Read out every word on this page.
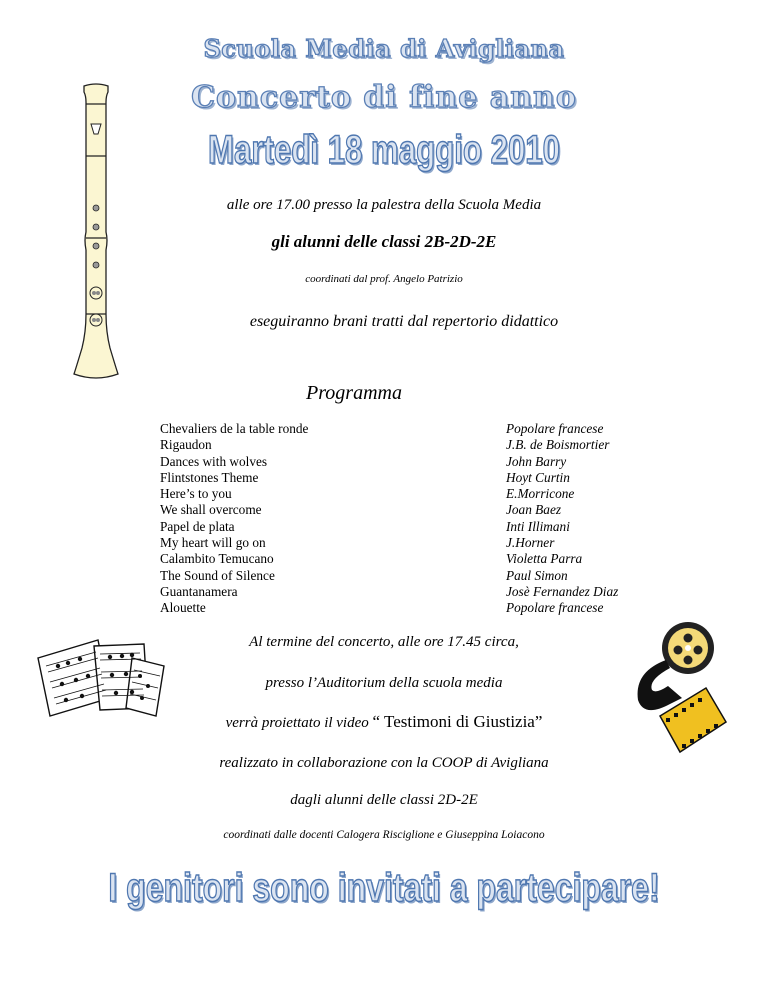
Scuola Media di Avigliana
Concerto di fine anno
Martedì 18 maggio 2010
alle ore 17.00 presso la palestra della Scuola Media
gli alunni delle classi 2B-2D-2E
coordinati dal prof. Angelo Patrizio
eseguiranno brani tratti dal repertorio didattico
Programma
Chevaliers de la table ronde
Rigaudon
Dances with wolves
Flintstones Theme
Here’s to you
We shall overcome
Papel de plata
My heart will go on
Calambito Temucano
The Sound of Silence
Guantanamera
Alouette
Popolare francese
J.B. de Boismortier
John Barry
Hoyt Curtin
E.Morricone
Joan Baez
Inti Illimani
J.Horner
Violetta Parra
Paul Simon
Josè Fernandez Diaz
Popolare francese
Al termine del concerto, alle ore 17.45 circa,
presso l’Auditorium della scuola media
verrà proiettato il video “ Testimoni di Giustizia”
realizzato in collaborazione con la COOP di Avigliana
dagli alunni delle classi 2D-2E
coordinati dalle docenti Calogera Risciglione e Giuseppina Loiacono
I genitori sono invitati a partecipare!
